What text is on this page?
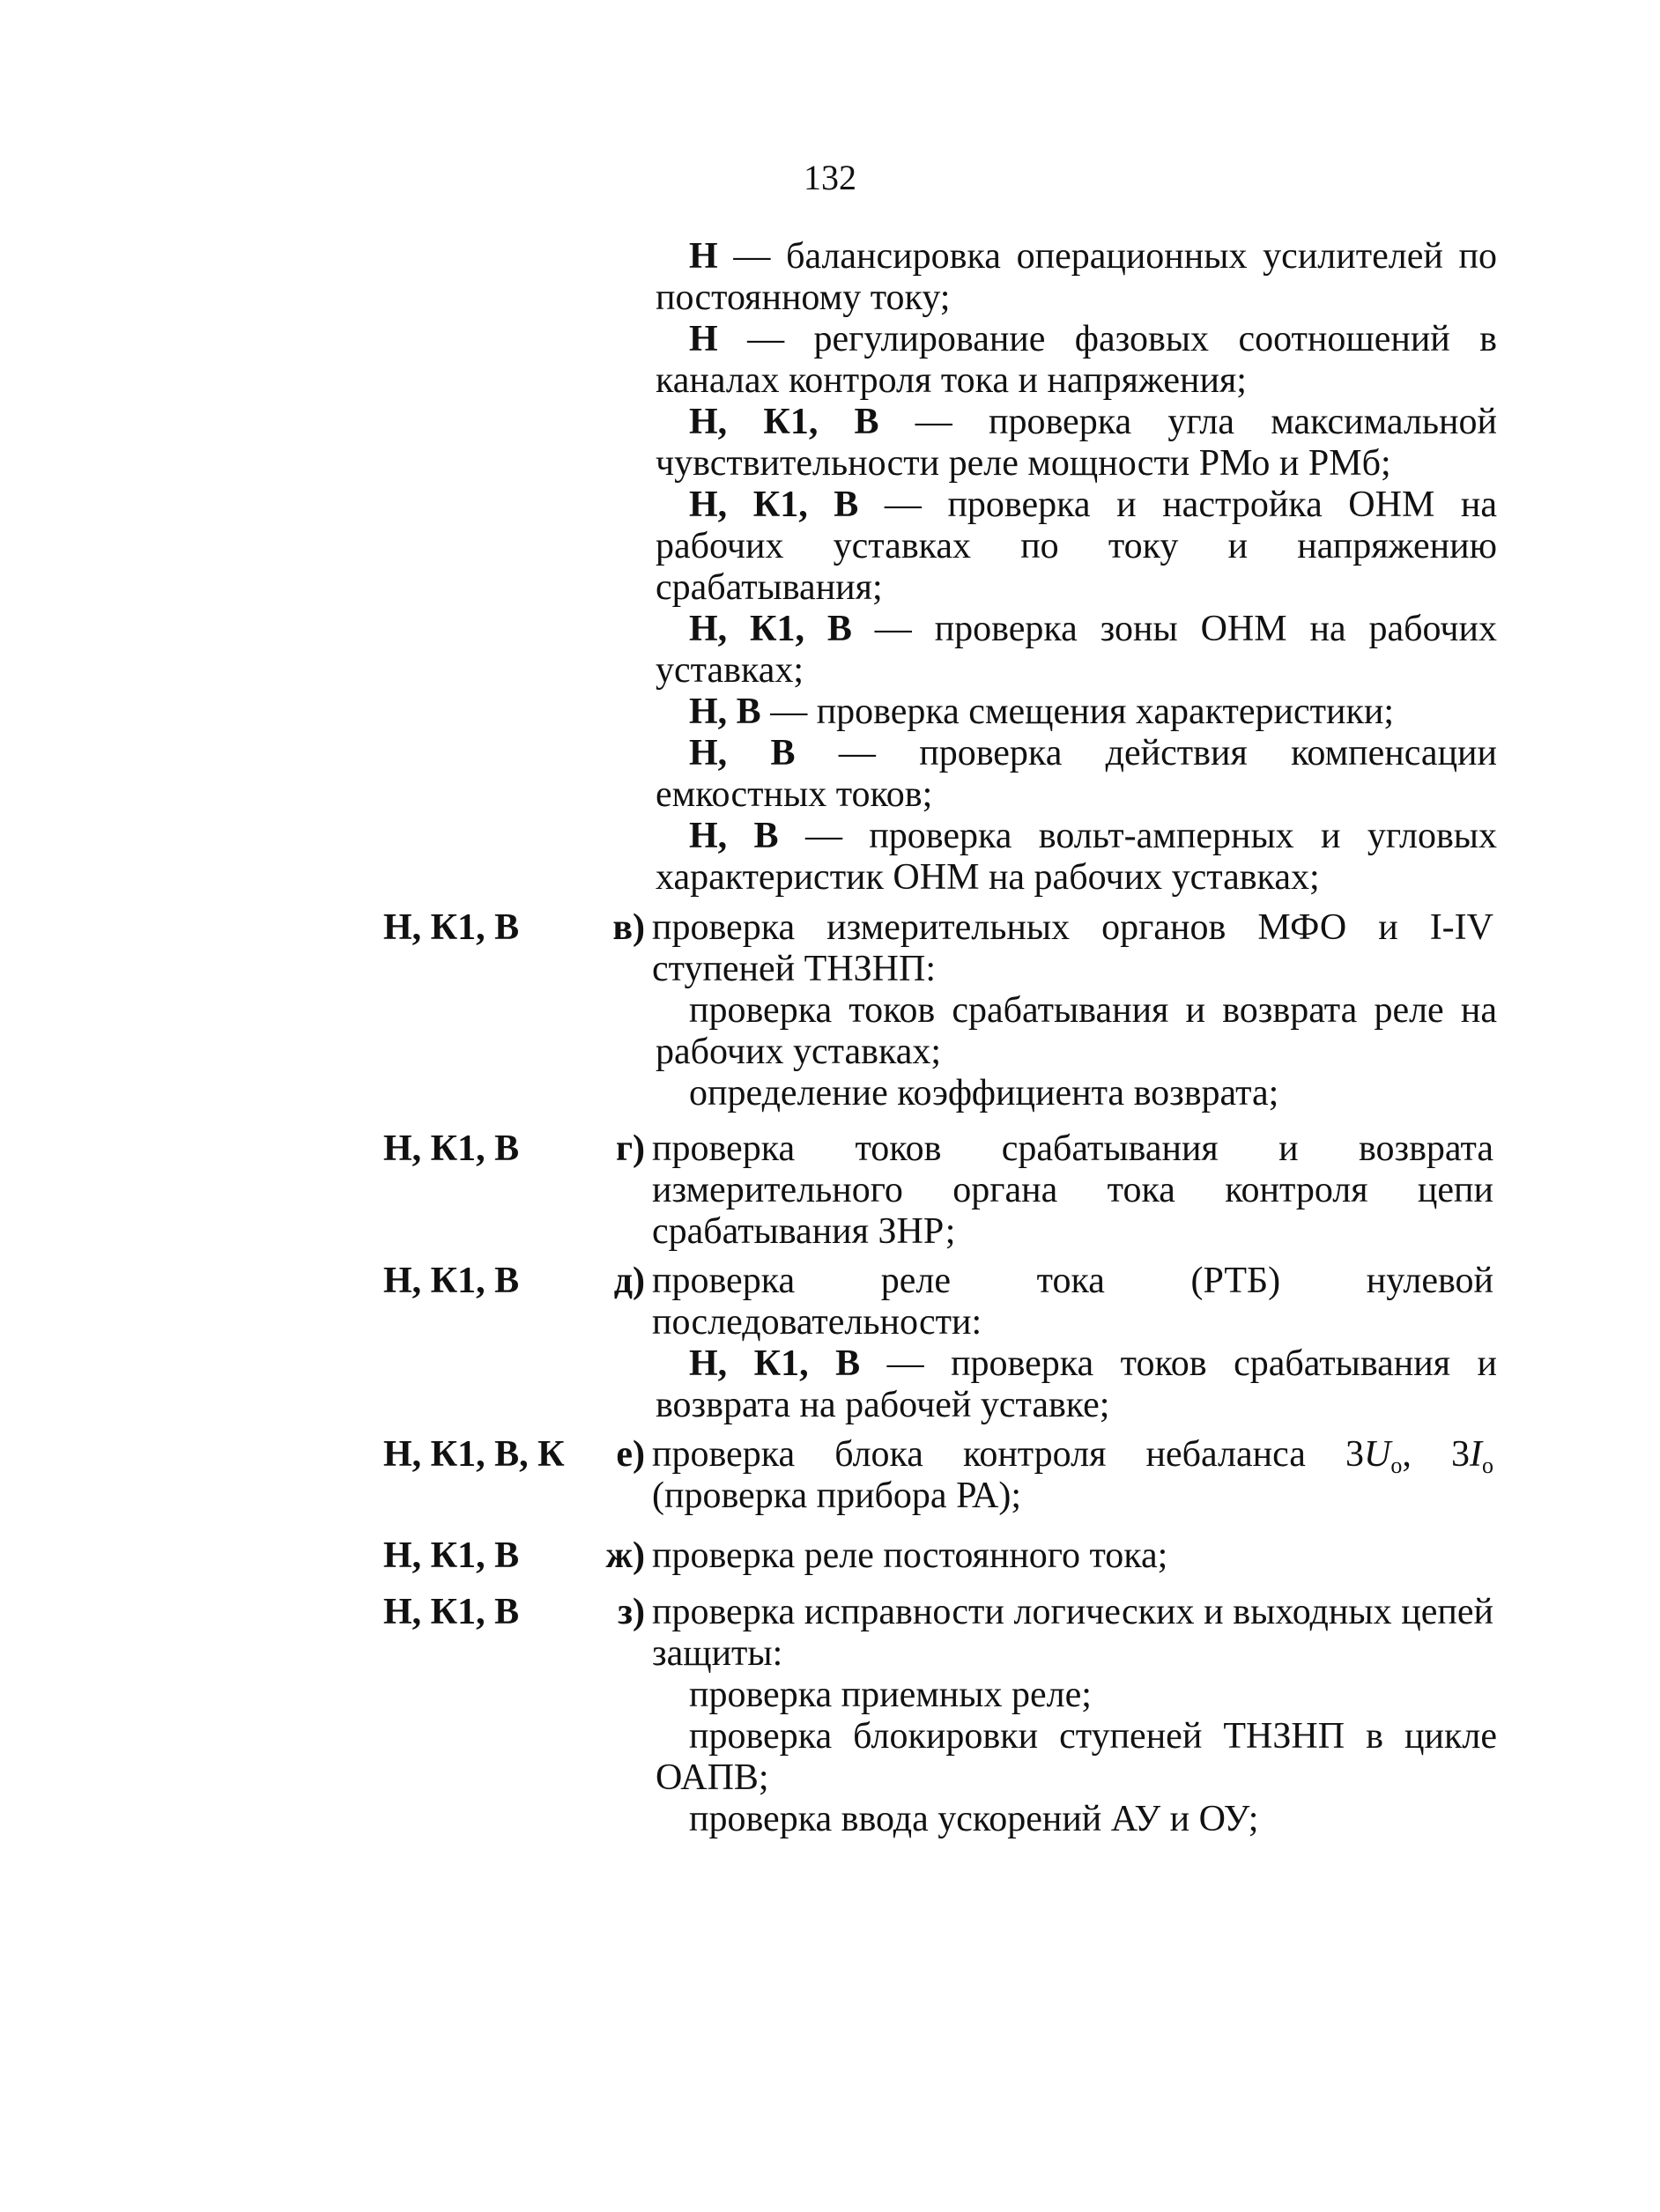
132
Н — балансировка операционных усилителей по постоянному току;
Н — регулирование фазовых соотношений в каналах контроля тока и напряжения;
Н, К1, В — проверка угла максимальной чувствительности реле мощности РМо и РМб;
Н, К1, В — проверка и настройка ОНМ на рабочих уставках по току и напряжению срабатывания;
Н, К1, В — проверка зоны ОНМ на рабочих уставках;
Н, В — проверка смещения характеристики;
Н, В — проверка действия компенсации емкостных токов;
Н, В — проверка вольт-амперных и угловых характеристик ОНМ на рабочих уставках;
Н, К1, В	в) проверка измерительных органов МФО и I-IV ступеней ТНЗНП:
проверка токов срабатывания и возврата реле на рабочих уставках;
определение коэффициента возврата;
Н, К1, В	г) проверка токов срабатывания и возврата измерительного органа тока контроля цепи срабатывания ЗНР;
Н, К1, В	д) проверка реле тока (РТБ) нулевой последовательности:
Н, К1, В — проверка токов срабатывания и возврата на рабочей уставке;
Н, К1, В, К е) проверка блока контроля небаланса $3U_о$, $3I_о$ (проверка прибора РА);
Н, К1, В ж) проверка реле постоянного тока;
Н, К1, В	з) проверка исправности логических и выходных цепей защиты:
проверка приемных реле;
проверка блокировки ступеней ТНЗНП в цикле ОАПВ;
проверка ввода ускорений АУ и ОУ;
